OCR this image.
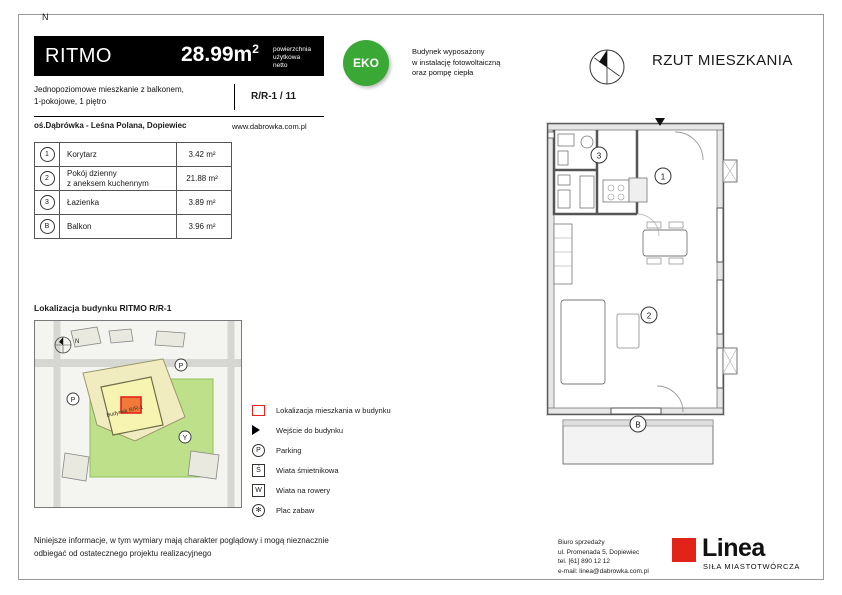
RITMO	$28.99m^2$ powierzchnia
użytkowa
netto
Jednopoziomowe mieszkanie z balkonem,
1-pokojowe, 1 piętro	R/R-1 / 11
oś.Dąbrówka - Leśna Polana, Dopiewiec	www.dabrowka.com.pl
EKO
Budynek wyposażony
w instalację fotowoltaiczną
oraz pompę ciepła
N
RZUT MIESZKANIA
1	Korytarz	3.42 m²
2	Pokój dzienny
z aneksem kuchennym	21.88 m²
3	Łazienka	3.89 m²
B	Balkon	3.96 m²
Lokalizacja budynku RITMO R/R-1
Budynek R/R-1
P
P
Y
N
Lokalizacja mieszkania w budynku
Wejście do budynku
P	Parking
Ś	Wiata śmietnikowa
W	Wiata na rowery
✻	Plac zabaw
3
1
2
B
Niniejsze informacje, w tym wymiary mają charakter poglądowy i mogą nieznacznie
odbiegać od ostatecznego projektu realizacyjnego
Biuro sprzedaży
ul. Promenada 5, Dopiewiec
tel. [61] 890 12 12
e-mail: linea@dabrowka.com.pl
Linea
SIŁA MIASTOTWÓRCZA
